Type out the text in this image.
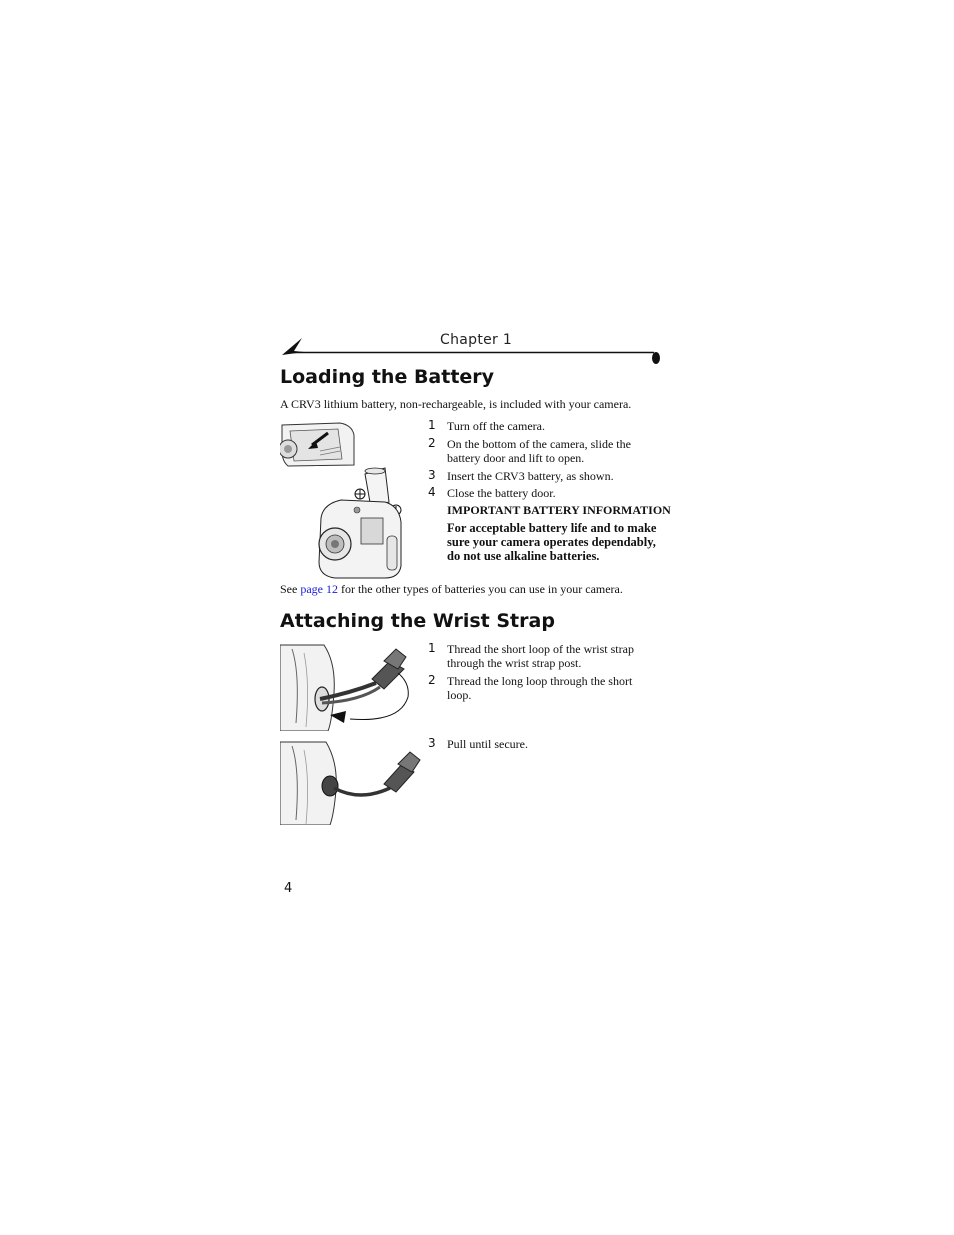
Chapter 1
Loading the Battery
A CRV3 lithium battery, non-rechargeable, is included with your camera.
1 Turn off the camera.
2 On the bottom of the camera, slide the battery door and lift to open.
3 Insert the CRV3 battery, as shown.
4 Close the battery door.
IMPORTANT BATTERY INFORMATION
For acceptable battery life and to make sure your camera operates dependably, do not use alkaline batteries.
See page 12 for the other types of batteries you can use in your camera.
Attaching the Wrist Strap
1 Thread the short loop of the wrist strap through the wrist strap post.
2 Thread the long loop through the short loop.
3 Pull until secure.
4
